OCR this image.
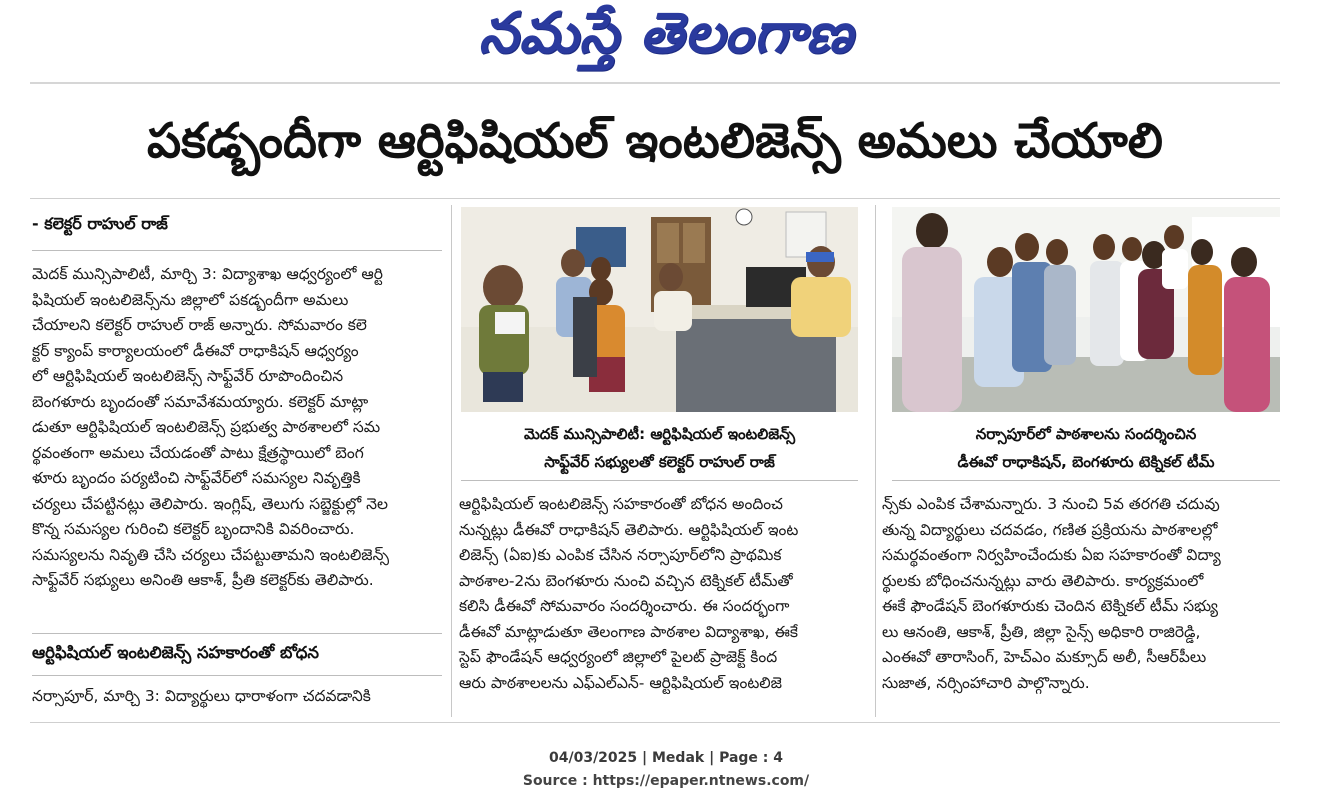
నమస్తే తెలంగాణ
పకడ్బందీగా ఆర్టిఫిషియల్ ఇంటలిజెన్స్ అమలు చేయాలి
- కలెక్టర్ రాహుల్ రాజ్

మెదక్ మున్సిపాలిటీ, మార్చి 3: విద్యాశాఖ ఆధ్వర్యంలో ఆర్టి

ఫిషియల్ ఇంటలిజెన్స్‌ను జిల్లాలో పకడ్బందీగా అమలు

చేయాలని కలెక్టర్ రాహుల్ రాజ్ అన్నారు. సోమవారం కలె

క్టర్ క్యాంప్ కార్యాలయంలో డీఈవో రాధాకిషన్ ఆధ్వర్యం

లో ఆర్టిఫిషియల్ ఇంటలిజెన్స్ సాఫ్ట్‌వేర్ రూపొందించిన

బెంగళూరు బృందంతో సమావేశమయ్యారు. కలెక్టర్ మాట్లా

డుతూ ఆర్టిఫిషియల్ ఇంటలిజెన్స్ ప్రభుత్వ పాఠశాలలో సమ

ర్థవంతంగా అమలు చేయడంతో పాటు క్షేత్రస్థాయిలో బెంగ

ళూరు బృందం పర్యటించి సాఫ్ట్‌వేర్‌లో సమస్యల నివృత్తికి

చర్యలు చేపట్టినట్లు తెలిపారు. ఇంగ్లిష్, తెలుగు సబ్జెక్టుల్లో నెల

కొన్న సమస్యల గురించి కలెక్టర్ బృందానికి వివరించారు.

సమస్యలను నివృతి చేసి చర్యలు చేపట్టుతామని ఇంటలిజెన్స్

సాఫ్ట్‌వేర్ సభ్యులు అనింతి ఆకాశ్, ప్రీతి కలెక్టర్‌కు తెలిపారు.

ఆర్టిఫిషియల్ ఇంటలిజెన్స్ సహకారంతో బోధన
నర్సాపూర్, మార్చి 3: విద్యార్థులు ధారాళంగా చదవడానికి
మెదక్ మున్సిపాలిటీ: ఆర్టిఫిషియల్ ఇంటలిజెన్స్
సాఫ్ట్‌వేర్ సభ్యులతో కలెక్టర్ రాహుల్ రాజ్
నర్సాపూర్‌లో పాఠశాలను సందర్శించిన
డీఈవో రాధాకిషన్, బెంగళూరు టెక్నికల్ టీమ్

ఆర్టిఫిషియల్ ఇంటలిజెన్స్ సహకారంతో బోధన అందించ

నున్నట్లు డీఈవో రాధాకిషన్ తెలిపారు. ఆర్టిఫిషియల్ ఇంట

లిజెన్స్ (ఏఐ)కు ఎంపిక చేసిన నర్సాపూర్‌లోని ప్రాథమిక

పాఠశాల-2ను బెంగళూరు నుంచి వచ్చిన టెక్నికల్ టీమ్‌తో

కలిసి డీఈవో సోమవారం సందర్శించారు. ఈ సందర్భంగా

డీఈవో మాట్లాడుతూ తెలంగాణ పాఠశాల విద్యాశాఖ, ఈకే

స్టెప్ ఫౌండేషన్ ఆధ్వర్యంలో జిల్లాలో పైలట్ ప్రాజెక్ట్ కింద

ఆరు పాఠశాలలను ఎఫ్ఎల్ఎన్- ఆర్టిఫిషియల్ ఇంటలిజె

న్స్‌కు ఎంపిక చేశామన్నారు. 3 నుంచి 5వ తరగతి చదువు

తున్న విద్యార్థులు చదవడం, గణిత ప్రక్రియను పాఠశాలల్లో

సమర్థవంతంగా నిర్వహించేందుకు ఏఐ సహకారంతో విద్యా

ర్థులకు బోధించనున్నట్లు వారు తెలిపారు. కార్యక్రమంలో

ఈకే ఫౌండేషన్ బెంగళూరుకు చెందిన టెక్నికల్ టీమ్ సభ్యు

లు ఆనంతి, ఆకాశ్, ప్రీతి, జిల్లా సైన్స్ అధికారి రాజిరెడ్డి,

ఎంఈవో తారాసింగ్, హెచ్ఎం మక్సూద్ అలీ, సీఆర్‌పీలు

సుజాత, నర్సింహాచారి పాల్గొన్నారు.

04/03/2025 | Medak | Page : 4
Source : https://epaper.ntnews.com/
